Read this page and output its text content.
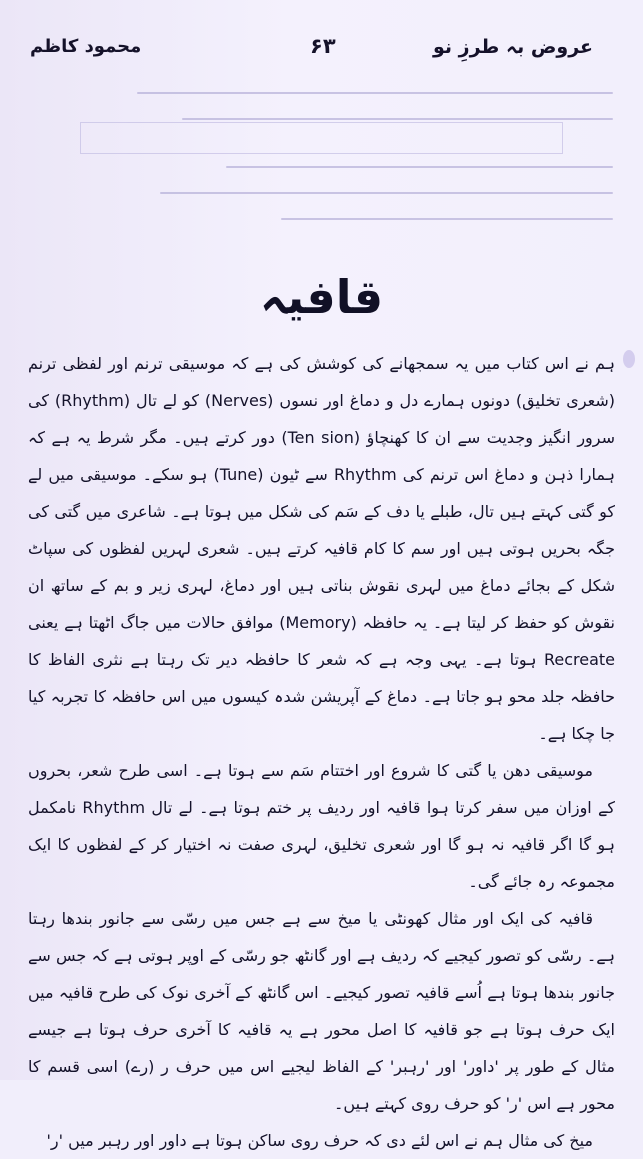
عروض بہ طرزِ نو
۶۳
محمود کاظم
قافیہ

ہم نے اس کتاب میں یہ سمجھانے کی کوشش کی ہے کہ موسیقی ترنم اور لفظی ترنم (شعری تخلیق) دونوں ہمارے دل و دماغ اور نسوں (Nerves) کو لے تال (Rhythm) کی سرور انگیز وجدیت سے ان کا کھنچاؤ (Ten sion) دور کرتے ہیں۔ مگر شرط یہ ہے کہ ہمارا ذہن و دماغ اس ترنم کی Rhythm سے ٹیون (Tune) ہو سکے۔ موسیقی میں لے کو گتی کہتے ہیں تال، طبلے یا دف کے سَم کی شکل میں ہوتا ہے۔ شاعری میں گتی کی جگہ بحریں ہوتی ہیں اور سم کا کام قافیہ کرتے ہیں۔ شعری لہریں لفظوں کی سپاٹ شکل کے بجائے دماغ میں لہری نقوش بناتی ہیں اور دماغ، لہری زیر و بم کے ساتھ ان نقوش کو حفظ کر لیتا ہے۔ یہ حافظہ (Memory) موافق حالات میں جاگ اٹھتا ہے یعنی Recreate ہوتا ہے۔ یہی وجہ ہے کہ شعر کا حافظہ دیر تک رہتا ہے نثری الفاظ کا حافظہ جلد محو ہو جاتا ہے۔ دماغ کے آپریشن شدہ کیسوں میں اس حافظہ کا تجربہ کیا جا چکا ہے۔

موسیقی دھن یا گتی کا شروع اور اختتام سَم سے ہوتا ہے۔ اسی طرح شعر، بحروں کے اوزان میں سفر کرتا ہوا قافیہ اور ردیف پر ختم ہوتا ہے۔ لے تال Rhythm نامکمل ہو گا اگر قافیہ نہ ہو گا اور شعری تخلیق، لہری صفت نہ اختیار کر کے لفظوں کا ایک مجموعہ رہ جائے گی۔

قافیہ کی ایک اور مثال کھونٹی یا میخ سے ہے جس میں رسّی سے جانور بندھا رہتا ہے۔ رسّی کو تصور کیجیے کہ ردیف ہے اور گانٹھ جو رسّی کے اوپر ہوتی ہے کہ جس سے جانور بندھا ہوتا ہے اُسے قافیہ تصور کیجیے۔ اس گانٹھ کے آخری نوک کی طرح قافیہ میں ایک حرف ہوتا ہے جو قافیہ کا اصل محور ہے یہ قافیہ کا آخری حرف ہوتا ہے جیسے مثال کے طور پر 'داور' اور 'رہبر' کے الفاظ لیجیے اس میں حرف ر (رے) اسی قسم کا محور ہے اس 'ر' کو حرف روی کہتے ہیں۔

میخ کی مثال ہم نے اس لئے دی کہ حرف روی ساکن ہوتا ہے داور اور رہبر میں 'ر'
